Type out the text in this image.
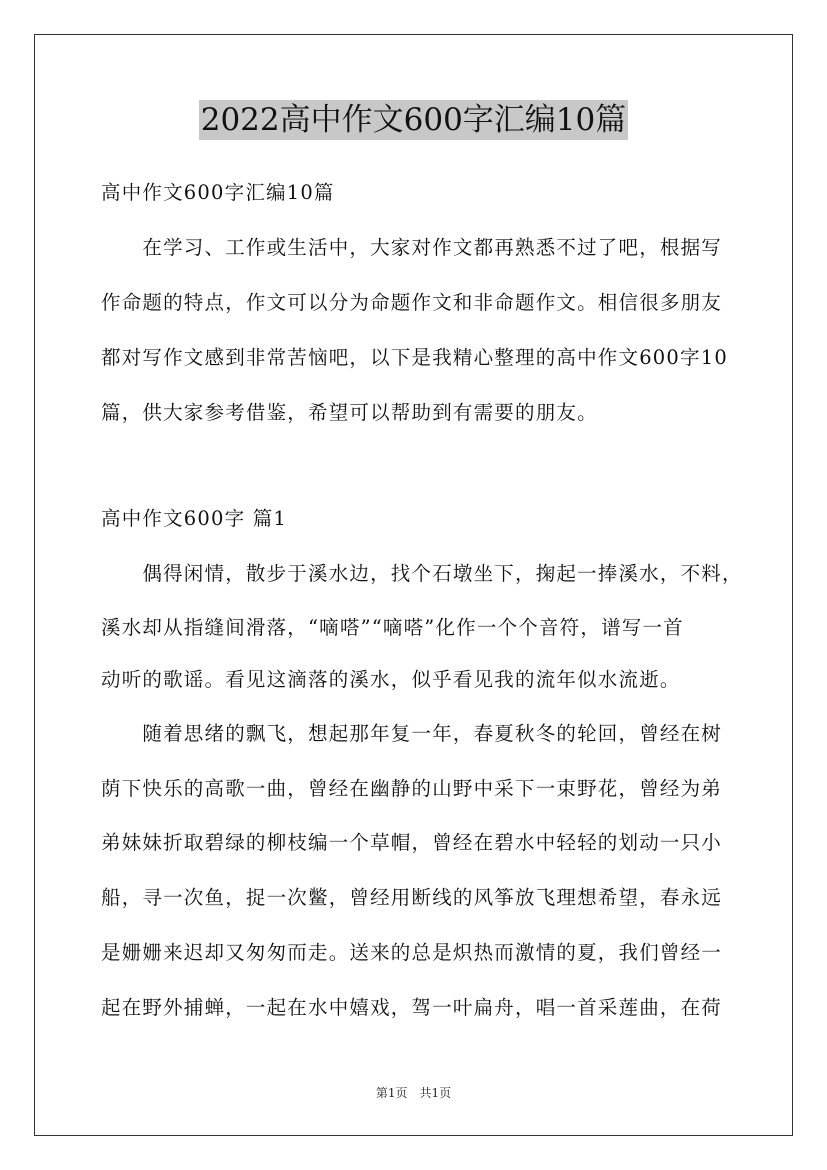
2022高中作文600字汇编10篇
高中作文600字汇编10篇
　　在学习、工作或生活中，大家对作文都再熟悉不过了吧，根据写
作命题的特点，作文可以分为命题作文和非命题作文。相信很多朋友
都对写作文感到非常苦恼吧，以下是我精心整理的高中作文600字10
篇，供大家参考借鉴，希望可以帮助到有需要的朋友。
高中作文600字 篇1
　　偶得闲情，散步于溪水边，找个石墩坐下，掬起一捧溪水，不料，
溪水却从指缝间滑落，“嘀嗒”“嘀嗒”化作一个个音符，谱写一首
动听的歌谣。看见这滴落的溪水，似乎看见我的流年似水流逝。
　　随着思绪的飘飞，想起那年复一年，春夏秋冬的轮回，曾经在树
荫下快乐的高歌一曲，曾经在幽静的山野中采下一束野花，曾经为弟
弟妹妹折取碧绿的柳枝编一个草帽，曾经在碧水中轻轻的划动一只小
船，寻一次鱼，捉一次鳖，曾经用断线的风筝放飞理想希望，春永远
是姗姗来迟却又匆匆而走。送来的总是炽热而激情的夏，我们曾经一
起在野外捕蝉，一起在水中嬉戏，驾一叶扁舟，唱一首采莲曲，在荷
第1页　共1页
